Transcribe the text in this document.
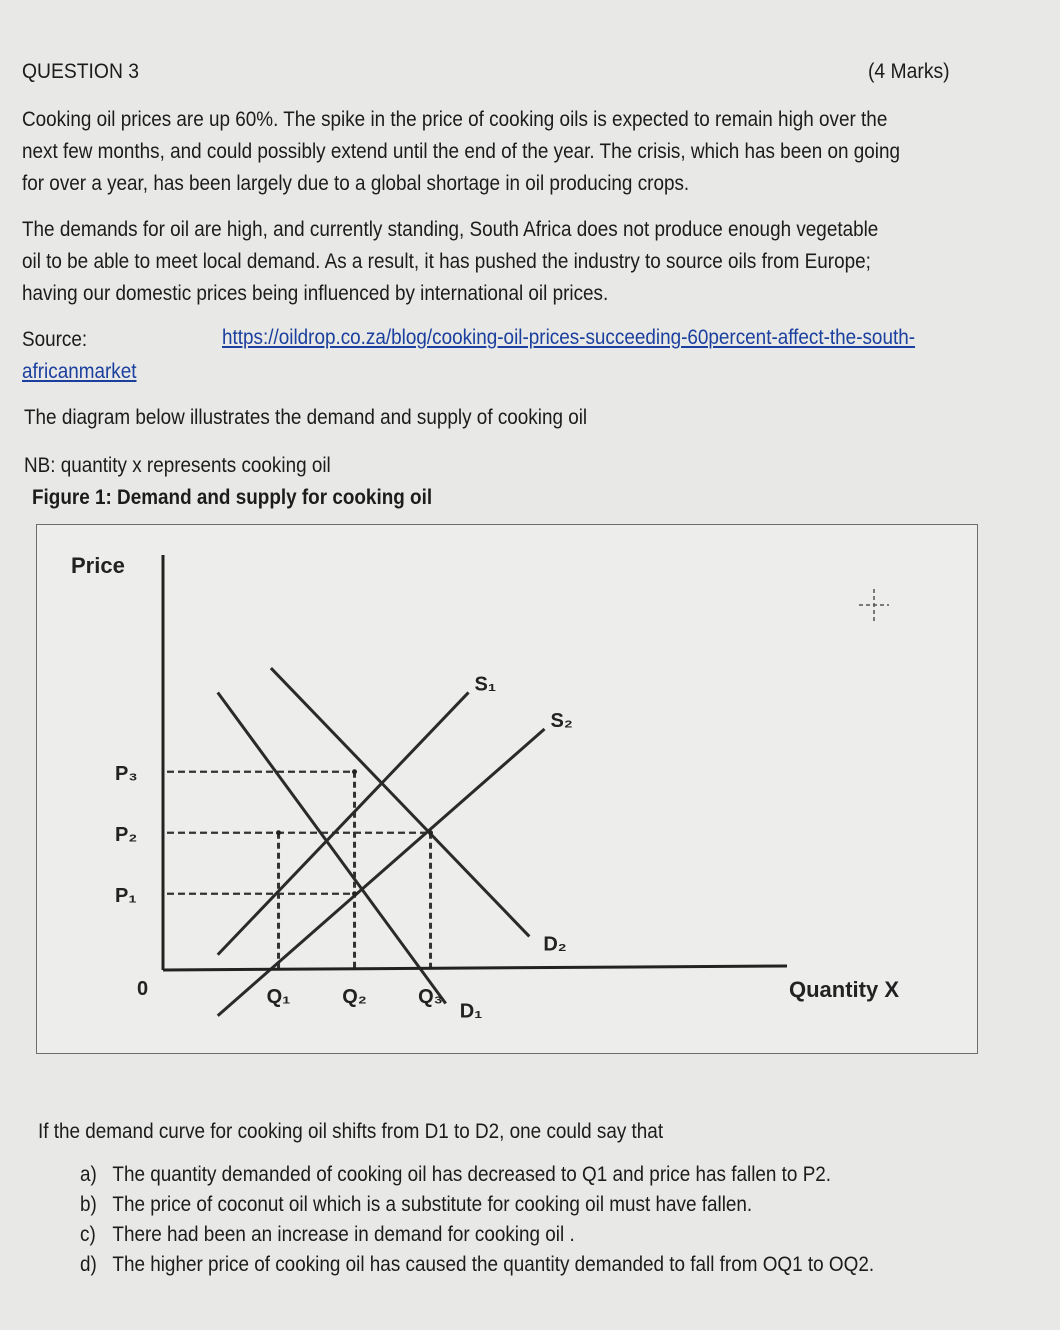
QUESTION 3	(4 Marks)
Cooking oil prices are up 60%. The spike in the price of cooking oils is expected to remain high over the
next few months, and could possibly extend until the end of the year. The crisis, which has been on going
for over a year, has been largely due to a global shortage in oil producing crops.
The demands for oil are high, and currently standing, South Africa does not produce enough vegetable
oil to be able to meet local demand. As a result, it has pushed the industry to source oils from Europe;
having our domestic prices being influenced by international oil prices.
Source:	https://oildrop.co.za/blog/cooking-oil-prices-succeeding-60percent-affect-the-south-
africanmarket
The diagram below illustrates the demand and supply of cooking oil
NB: quantity x represents cooking oil
Figure 1: Demand and supply for cooking oil
Price
Quantity X
0
P₃
P₂
P₁
Q₁	Q₂	Q₃
S₁
S₂
D₁
D₂
If the demand curve for cooking oil shifts from D1 to D2, one could say that
a) The quantity demanded of cooking oil has decreased to Q1 and price has fallen to P2.
b) The price of coconut oil which is a substitute for cooking oil must have fallen.
c) There had been an increase in demand for cooking oil .
d) The higher price of cooking oil has caused the quantity demanded to fall from OQ1 to OQ2.
